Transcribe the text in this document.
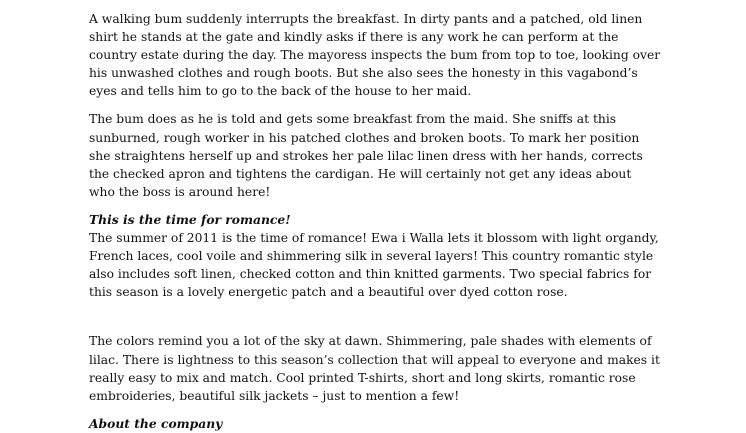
A walking bum suddenly interrupts the breakfast. In dirty pants and a patched, old linen shirt he stands at the gate and kindly asks if there is any work he can perform at the country estate during the day. The mayoress inspects the bum from top to toe, looking over his unwashed clothes and rough boots. But she also sees the honesty in this vagabond’s eyes and tells him to go to the back of the house to her maid.

The bum does as he is told and gets some breakfast from the maid. She sniffs at this sunburned, rough worker in his patched clothes and broken boots. To mark her position she straightens herself up and strokes her pale lilac linen dress with her hands, corrects the checked apron and tightens the cardigan. He will certainly not get any ideas about who the boss is around here!

This is the time for romance!

The summer of 2011 is the time of romance! Ewa i Walla lets it blossom with light organdy, French laces, cool voile and shimmering silk in several layers! This country romantic style also includes soft linen, checked cotton and thin knitted garments. Two special fabrics for this season is a lovely energetic patch and a beautiful over dyed cotton rose.

The colors remind you a lot of the sky at dawn. Shimmering, pale shades with elements of lilac. There is lightness to this season’s collection that will appeal to everyone and makes it really easy to mix and match. Cool printed T-shirts, short and long skirts, romantic rose embroideries, beautiful silk jackets – just to mention a few!

About the company
